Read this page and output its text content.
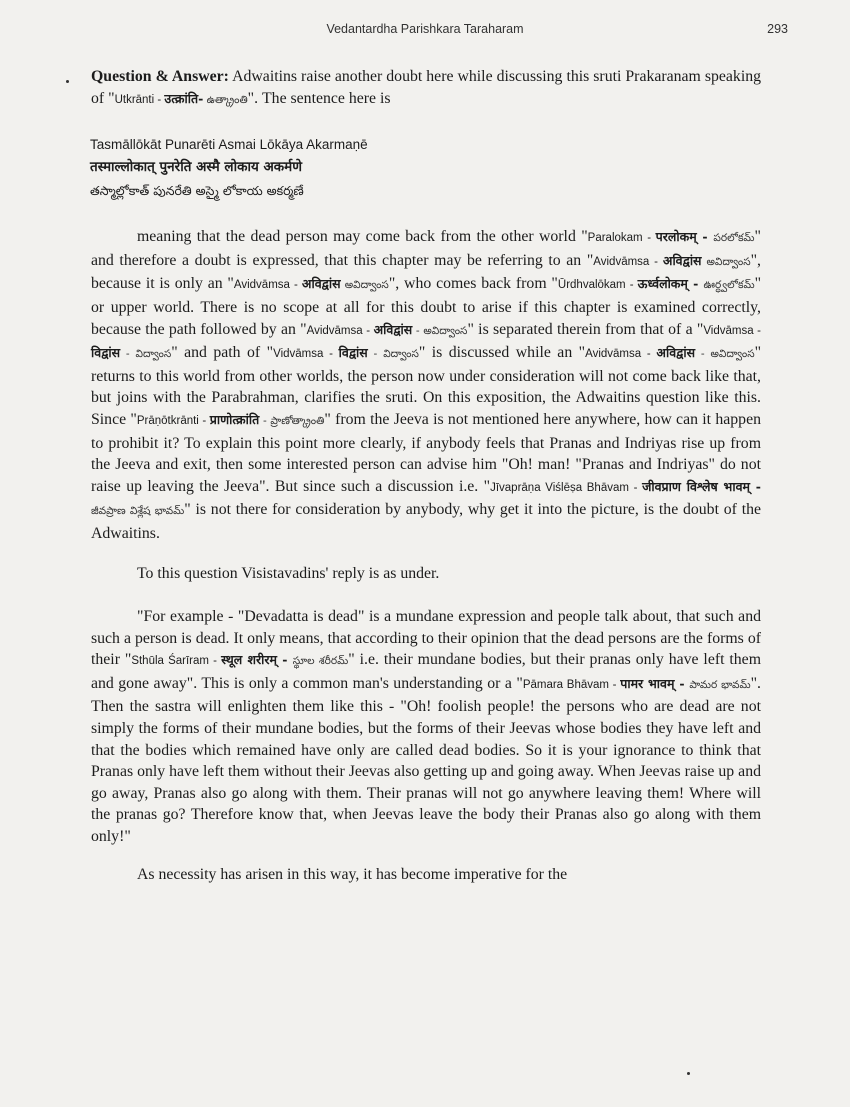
Vedantardha Parishkara Taraharam	293

Question & Answer: Adwaitins raise another doubt here while discussing this sruti Prakaranam speaking of "Utkrānti - उत्क्रांति- ఉత్క్రాంతి". The sentence here is

Tasmāllōkāt Punarēti Asmai Lōkāya Akarmaṇē
तस्माल्लोकात् पुनरेति अस्मै लोकाय अकर्मणे
తస్మాల్లోకాత్ పునరేతి అస్మై లోకాయ అకర్మణే

meaning that the dead person may come back from the other world "Paralokam - परलोकम् - పరలోకమ్" and therefore a doubt is expressed, that this chapter may be referring to an "Avidvāmsa - अविद्वांस అవిద్వాంస", because it is only an "Avidvāmsa - अविद्वांस అవిద్వాంస", who comes back from "Ūrdhvalōkam - ऊर्ध्वलोकम् - ఊర్ధ్వలోకమ్" or upper world. There is no scope at all for this doubt to arise if this chapter is examined correctly, because the path followed by an "Avidvāmsa - अविद्वांस - అవిద్వాంస" is separated therein from that of a "Vidvāmsa - विद्वांस - విద్వాంస" and path of "Vidvāmsa - विद्वांस - విద్వాంస" is discussed while an "Avidvāmsa - अविद्वांस - అవిద్వాంస" returns to this world from other worlds, the person now under consideration will not come back like that, but joins with the Parabrahman, clarifies the sruti. On this exposition, the Adwaitins question like this. Since "Prāṇōtkrānti - प्राणोत्क्रांति - ప్రాణోత్క్రాంతి" from the Jeeva is not mentioned here anywhere, how can it happen to prohibit it? To explain this point more clearly, if anybody feels that Pranas and Indriyas rise up from the Jeeva and exit, then some interested person can advise him "Oh! man! "Pranas and Indriyas" do not raise up leaving the Jeeva". But since such a discussion i.e. "Jīvaprāṇa Viślēṣa Bhāvam - जीवप्राण विश्लेष भावम् - జీవప్రాణ విశ్లేష భావమ్" is not there for consideration by anybody, why get it into the picture, is the doubt of the Adwaitins.

To this question Visistavadins' reply is as under.

"For example - "Devadatta is dead" is a mundane expression and people talk about, that such and such a person is dead. It only means, that according to their opinion that the dead persons are the forms of their "Sthūla Śarīram - स्थूल शरीरम् - స్థూల శరీరమ్" i.e. their mundane bodies, but their pranas only have left them and gone away". This is only a common man's understanding or a "Pāmara Bhāvam - पामर भावम् - పామర భావమ్". Then the sastra will enlighten them like this - "Oh! foolish people! the persons who are dead are not simply the forms of their mundane bodies, but the forms of their Jeevas whose bodies they have left and that the bodies which remained have only are called dead bodies. So it is your ignorance to think that Pranas only have left them without their Jeevas also getting up and going away. When Jeevas raise up and go away, Pranas also go along with them. Their pranas will not go anywhere leaving them! Where will the pranas go? Therefore know that, when Jeevas leave the body their Pranas also go along with them only!"

As necessity has arisen in this way, it has become imperative for the
